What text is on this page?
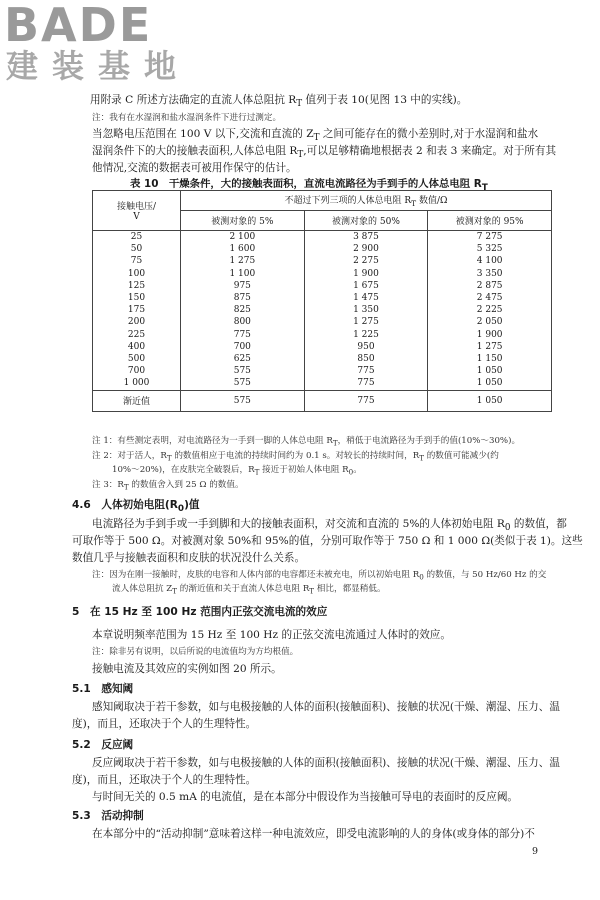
BADE
建装基地
用附录 C 所述方法确定的直流人体总阻抗 $R_T$ 值列于表 10(见图 13 中的实线)。
注：我有在水湿润和盐水湿润条件下进行过测定。
当忽略电压范围在 100 V 以下,交流和直流的 $Z_T$ 之间可能存在的微小差别时,对于水湿润和盐水
湿润条件下的大的接触表面积,人体总电阻 $R_T$,可以足够精确地根据表 2 和表 3 来确定。对于所有其
他情况,交流的数据表可被用作保守的估计。
表 10　干燥条件，大的接触表面积，直流电流路径为手到手的人体总电阻 $R_T$
接触电压/
V	不超过下列三项的人体总电阻 $R_T$ 数值/Ω		
	被测对象的 5%	被测对象的 50%	被测对象的 95%
25	2 100	3 875	7 275
50	1 600	2 900	5 325
75	1 275	2 275	4 100
100	1 100	1 900	3 350
125	975	1 675	2 875
150	875	1 475	2 475
175	825	1 350	2 225
200	800	1 275	2 050
225	775	1 225	1 900
400	700	950	1 275
500	625	850	1 150
700	575	775	1 050
1 000	575	775	1 050
渐近值	575	775	1 050
注 1：有些测定表明，对电流路径为一手到一脚的人体总电阻 $R_T$，稍低于电流路径为手到手的值(10%～30%)。
注 2：对于活人，$R_T$ 的数值相应于电流的持续时间约为 0.1 s。对较长的持续时间，$R_T$ 的数值可能减少(约
10%～20%)，在皮肤完全破裂后，$R_T$ 接近于初始人体电阻 $R_0$。
注 3：$R_T$ 的数值舍入到 25 Ω 的数值。
4.6　人体初始电阻$(R_0)$值
电流路径为手到手或一手到脚和大的接触表面积，对交流和直流的 5%的人体初始电阻 $R_0$ 的数值，都
可取作等于 500 Ω。对被测对象 50%和 95%的值，分别可取作等于 750 Ω 和 1 000 Ω(类似于表 1)。这些
数值几乎与接触表面积和皮肤的状况没什么关系。
注：因为在刚一接触时，皮肤的电容和人体内部的电容都还未被充电，所以初始电阻 $R_0$ 的数值，与 50 Hz/60 Hz 的交
流人体总阻抗 $Z_T$ 的渐近值和关于直流人体总电阻 $R_T$ 相比，都显稍低。
5　在 15 Hz 至 100 Hz 范围内正弦交流电流的效应
本章说明频率范围为 15 Hz 至 100 Hz 的正弦交流电流通过人体时的效应。
注：除非另有说明，以后所说的电流值均为方均根值。
接触电流及其效应的实例如图 20 所示。
5.1　感知阈
感知阈取决于若干参数，如与电极接触的人体的面积(接触面积)、接触的状况(干燥、潮湿、压力、温
度)，而且，还取决于个人的生理特性。
5.2　反应阈
反应阈取决于若干参数，如与电极接触的人体的面积(接触面积)、接触的状况(干燥、潮湿、压力、温
度)，而且，还取决于个人的生理特性。
与时间无关的 0.5 mA 的电流值，是在本部分中假设作为当接触可导电的表面时的反应阈。
5.3　活动抑制
在本部分中的“活动抑制”意味着这样一种电流效应，即受电流影响的人的身体(或身体的部分)不
9
